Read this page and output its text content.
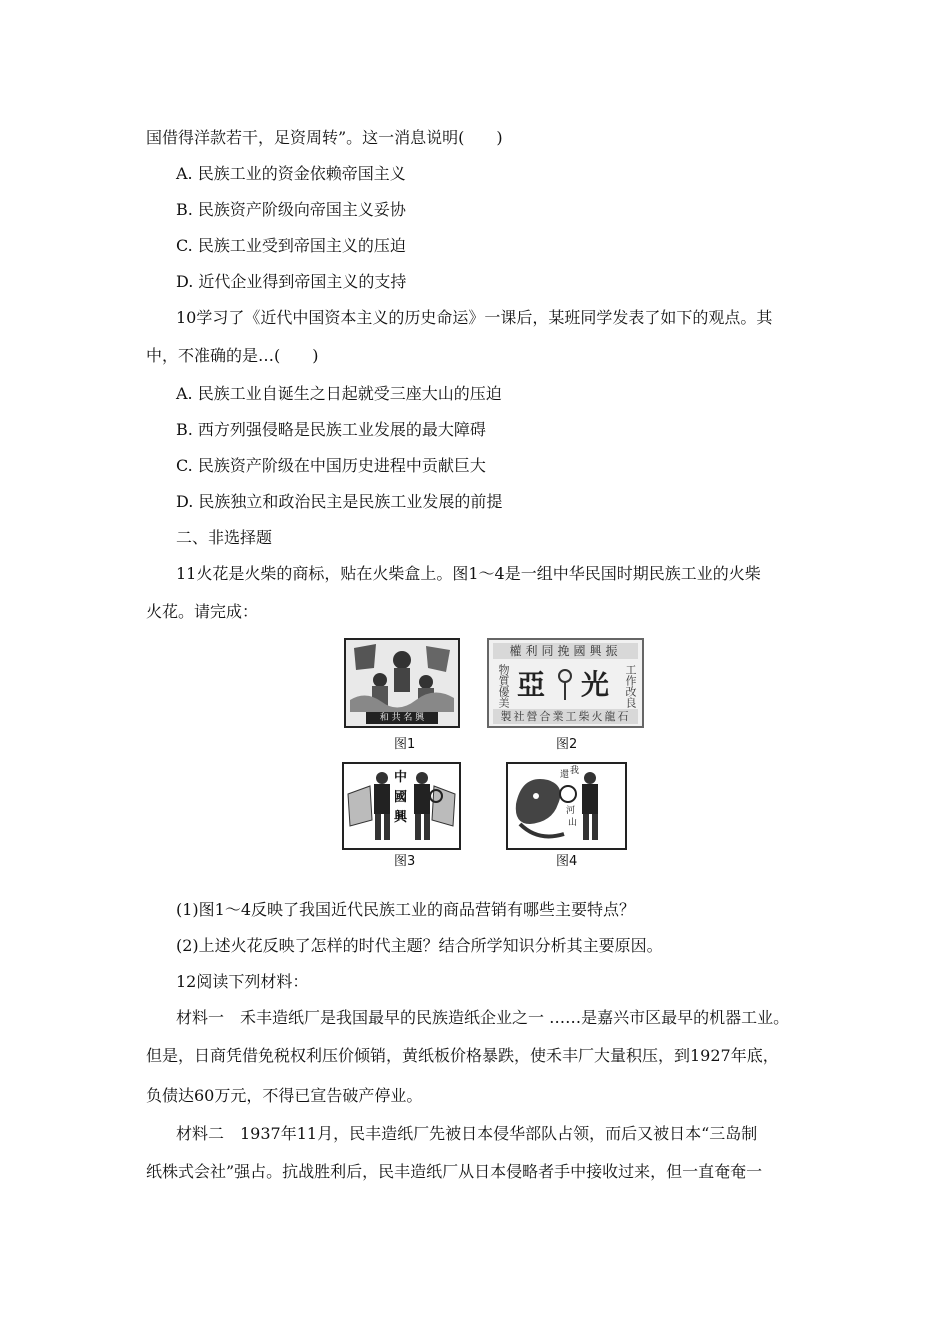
国借得洋款若干，足资周转”。这一消息说明(　　)
A. 民族工业的资金依赖帝国主义
B. 民族资产阶级向帝国主义妥协
C. 民族工业受到帝国主义的压迫
D. 近代企业得到帝国主义的支持
10学习了《近代中国资本主义的历史命运》一课后，某班同学发表了如下的观点。其
中，不准确的是…(　　)
A. 民族工业自诞生之日起就受三座大山的压迫
B. 西方列强侵略是民族工业发展的最大障碍
C. 民族资产阶级在中国历史进程中贡献巨大
D. 民族独立和政治民主是民族工业发展的前提
二、非选择题
11火花是火柴的商标，贴在火柴盒上。图1～4是一组中华民国时期民族工业的火柴
火花。请完成：
和 共 名 興
图1
權利同挽國興振
物質優美	工作改良
亞 光
製社營合業工柴火龍石
图2
中
國
興
图3
還 我
河
山
图4
(1)图1～4反映了我国近代民族工业的商品营销有哪些主要特点？
(2)上述火花反映了怎样的时代主题？结合所学知识分析其主要原因。
12阅读下列材料：
材料一　禾丰造纸厂是我国最早的民族造纸企业之一 ……是嘉兴市区最早的机器工业。
但是，日商凭借免税权利压价倾销，黄纸板价格暴跌，使禾丰厂大量积压，到1927年底，
负债达60万元，不得已宣告破产停业。
材料二　1937年11月，民丰造纸厂先被日本侵华部队占领，而后又被日本“三岛制
纸株式会社”强占。抗战胜利后，民丰造纸厂从日本侵略者手中接收过来，但一直奄奄一
